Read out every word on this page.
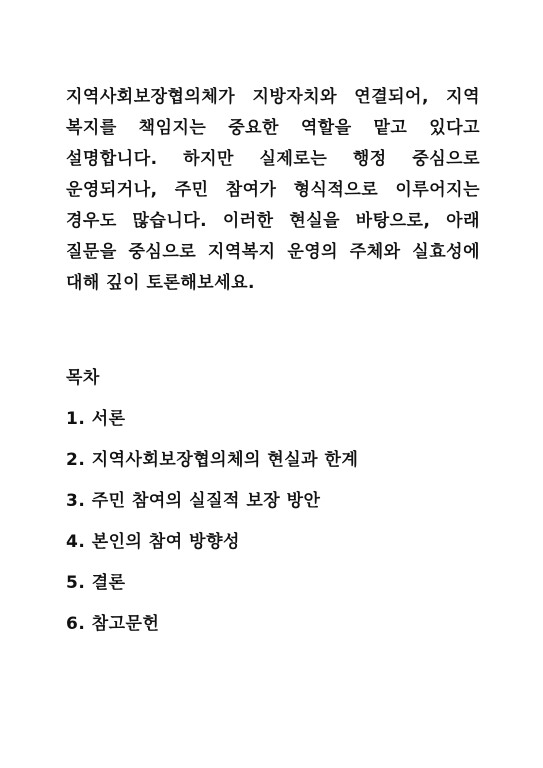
지역사회보장협의체가 지방자치와 연결되어, 지역 복지를 책임지는 중요한 역할을 맡고 있다고 설명합니다. 하지만 실제로는 행정 중심으로 운영되거나, 주민 참여가 형식적으로 이루어지는 경우도 많습니다. 이러한 현실을 바탕으로, 아래 질문을 중심으로 지역복지 운영의 주체와 실효성에 대해 깊이 토론해보세요.

목차
1. 서론
2. 지역사회보장협의체의 현실과 한계
3. 주민 참여의 실질적 보장 방안
4. 본인의 참여 방향성
5. 결론
6. 참고문헌
